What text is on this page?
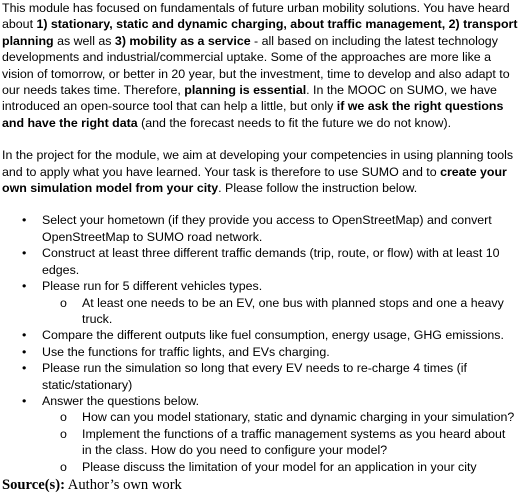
This module has focused on fundamentals of future urban mobility solutions. You have heard about 1) stationary, static and dynamic charging, about traffic management, 2) transport planning as well as 3) mobility as a service - all based on including the latest technology developments and industrial/commercial uptake. Some of the approaches are more like a vision of tomorrow, or better in 20 year, but the investment, time to develop and also adapt to our needs takes time. Therefore, planning is essential. In the MOOC on SUMO, we have introduced an open-source tool that can help a little, but only if we ask the right questions and have the right data (and the forecast needs to fit the future we do not know).

In the project for the module, we aim at developing your competencies in using planning tools and to apply what you have learned. Your task is therefore to use SUMO and to create your own simulation model from your city. Please follow the instruction below.

• Select your hometown (if they provide you access to OpenStreetMap) and convert OpenStreetMap to SUMO road network.
• Construct at least three different traffic demands (trip, route, or flow) with at least 10 edges.
• Please run for 5 different vehicles types.
o At least one needs to be an EV, one bus with planned stops and one a heavy truck.
• Compare the different outputs like fuel consumption, energy usage, GHG emissions.
• Use the functions for traffic lights, and EVs charging.
• Please run the simulation so long that every EV needs to re-charge 4 times (if static/stationary)
• Answer the questions below.
o How can you model stationary, static and dynamic charging in your simulation?
o Implement the functions of a traffic management systems as you heard about in the class. How do you need to configure your model?
o Please discuss the limitation of your model for an application in your city
Source(s): Author’s own work
